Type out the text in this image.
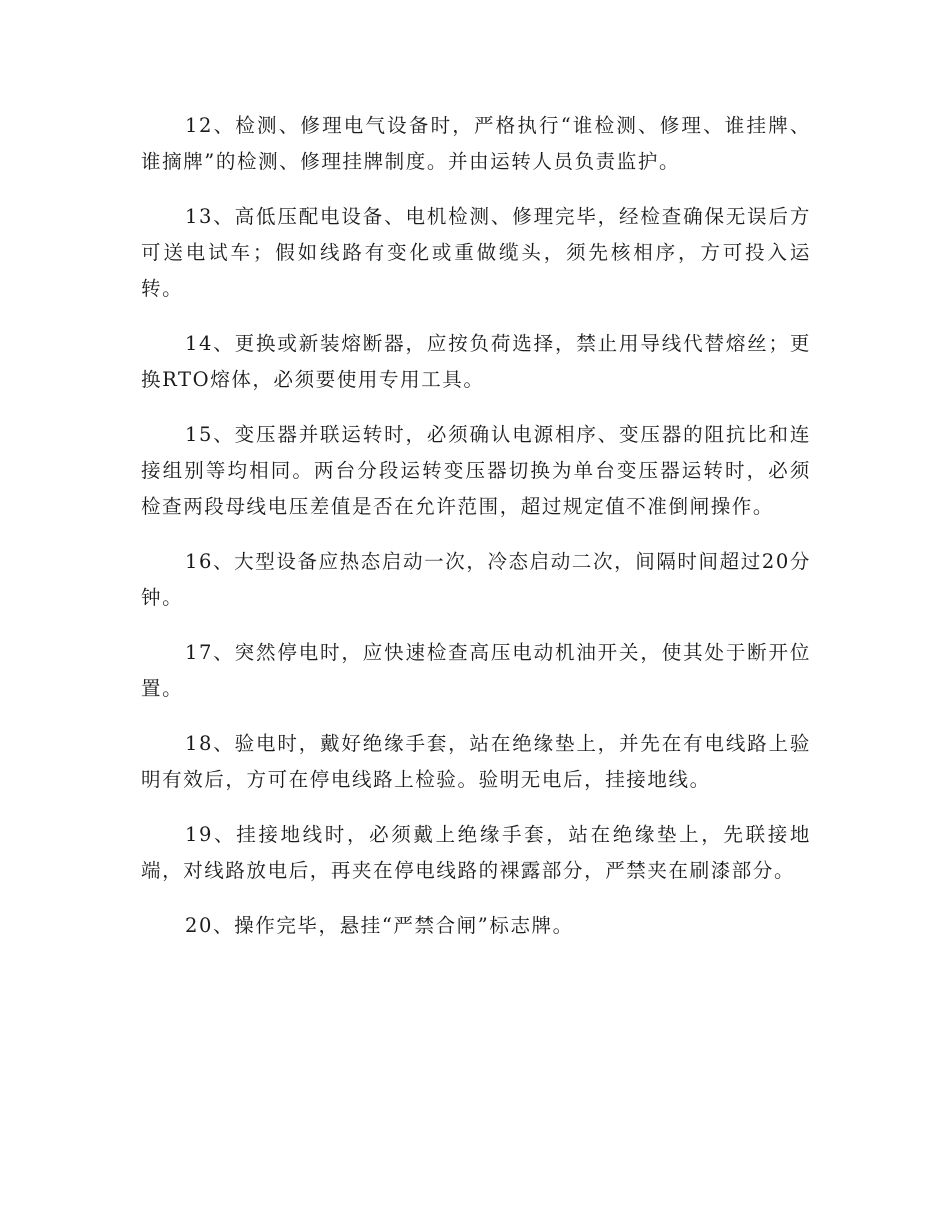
12、检测、修理电气设备时，严格执行“谁检测、修理、谁挂牌、谁摘牌”的检测、修理挂牌制度。并由运转人员负责监护。

13、高低压配电设备、电机检测、修理完毕，经检查确保无误后方可送电试车；假如线路有变化或重做缆头，须先核相序，方可投入运转。

14、更换或新装熔断器，应按负荷选择，禁止用导线代替熔丝；更换RTO熔体，必须要使用专用工具。

15、变压器并联运转时，必须确认电源相序、变压器的阻抗比和连接组别等均相同。两台分段运转变压器切换为单台变压器运转时，必须检查两段母线电压差值是否在允许范围，超过规定值不准倒闸操作。

16、大型设备应热态启动一次，冷态启动二次，间隔时间超过20分钟。

17、突然停电时，应快速检查高压电动机油开关，使其处于断开位置。

18、验电时，戴好绝缘手套，站在绝缘垫上，并先在有电线路上验明有效后，方可在停电线路上检验。验明无电后，挂接地线。

19、挂接地线时，必须戴上绝缘手套，站在绝缘垫上，先联接地端，对线路放电后，再夹在停电线路的裸露部分，严禁夹在刷漆部分。

20、操作完毕，悬挂“严禁合闸”标志牌。
